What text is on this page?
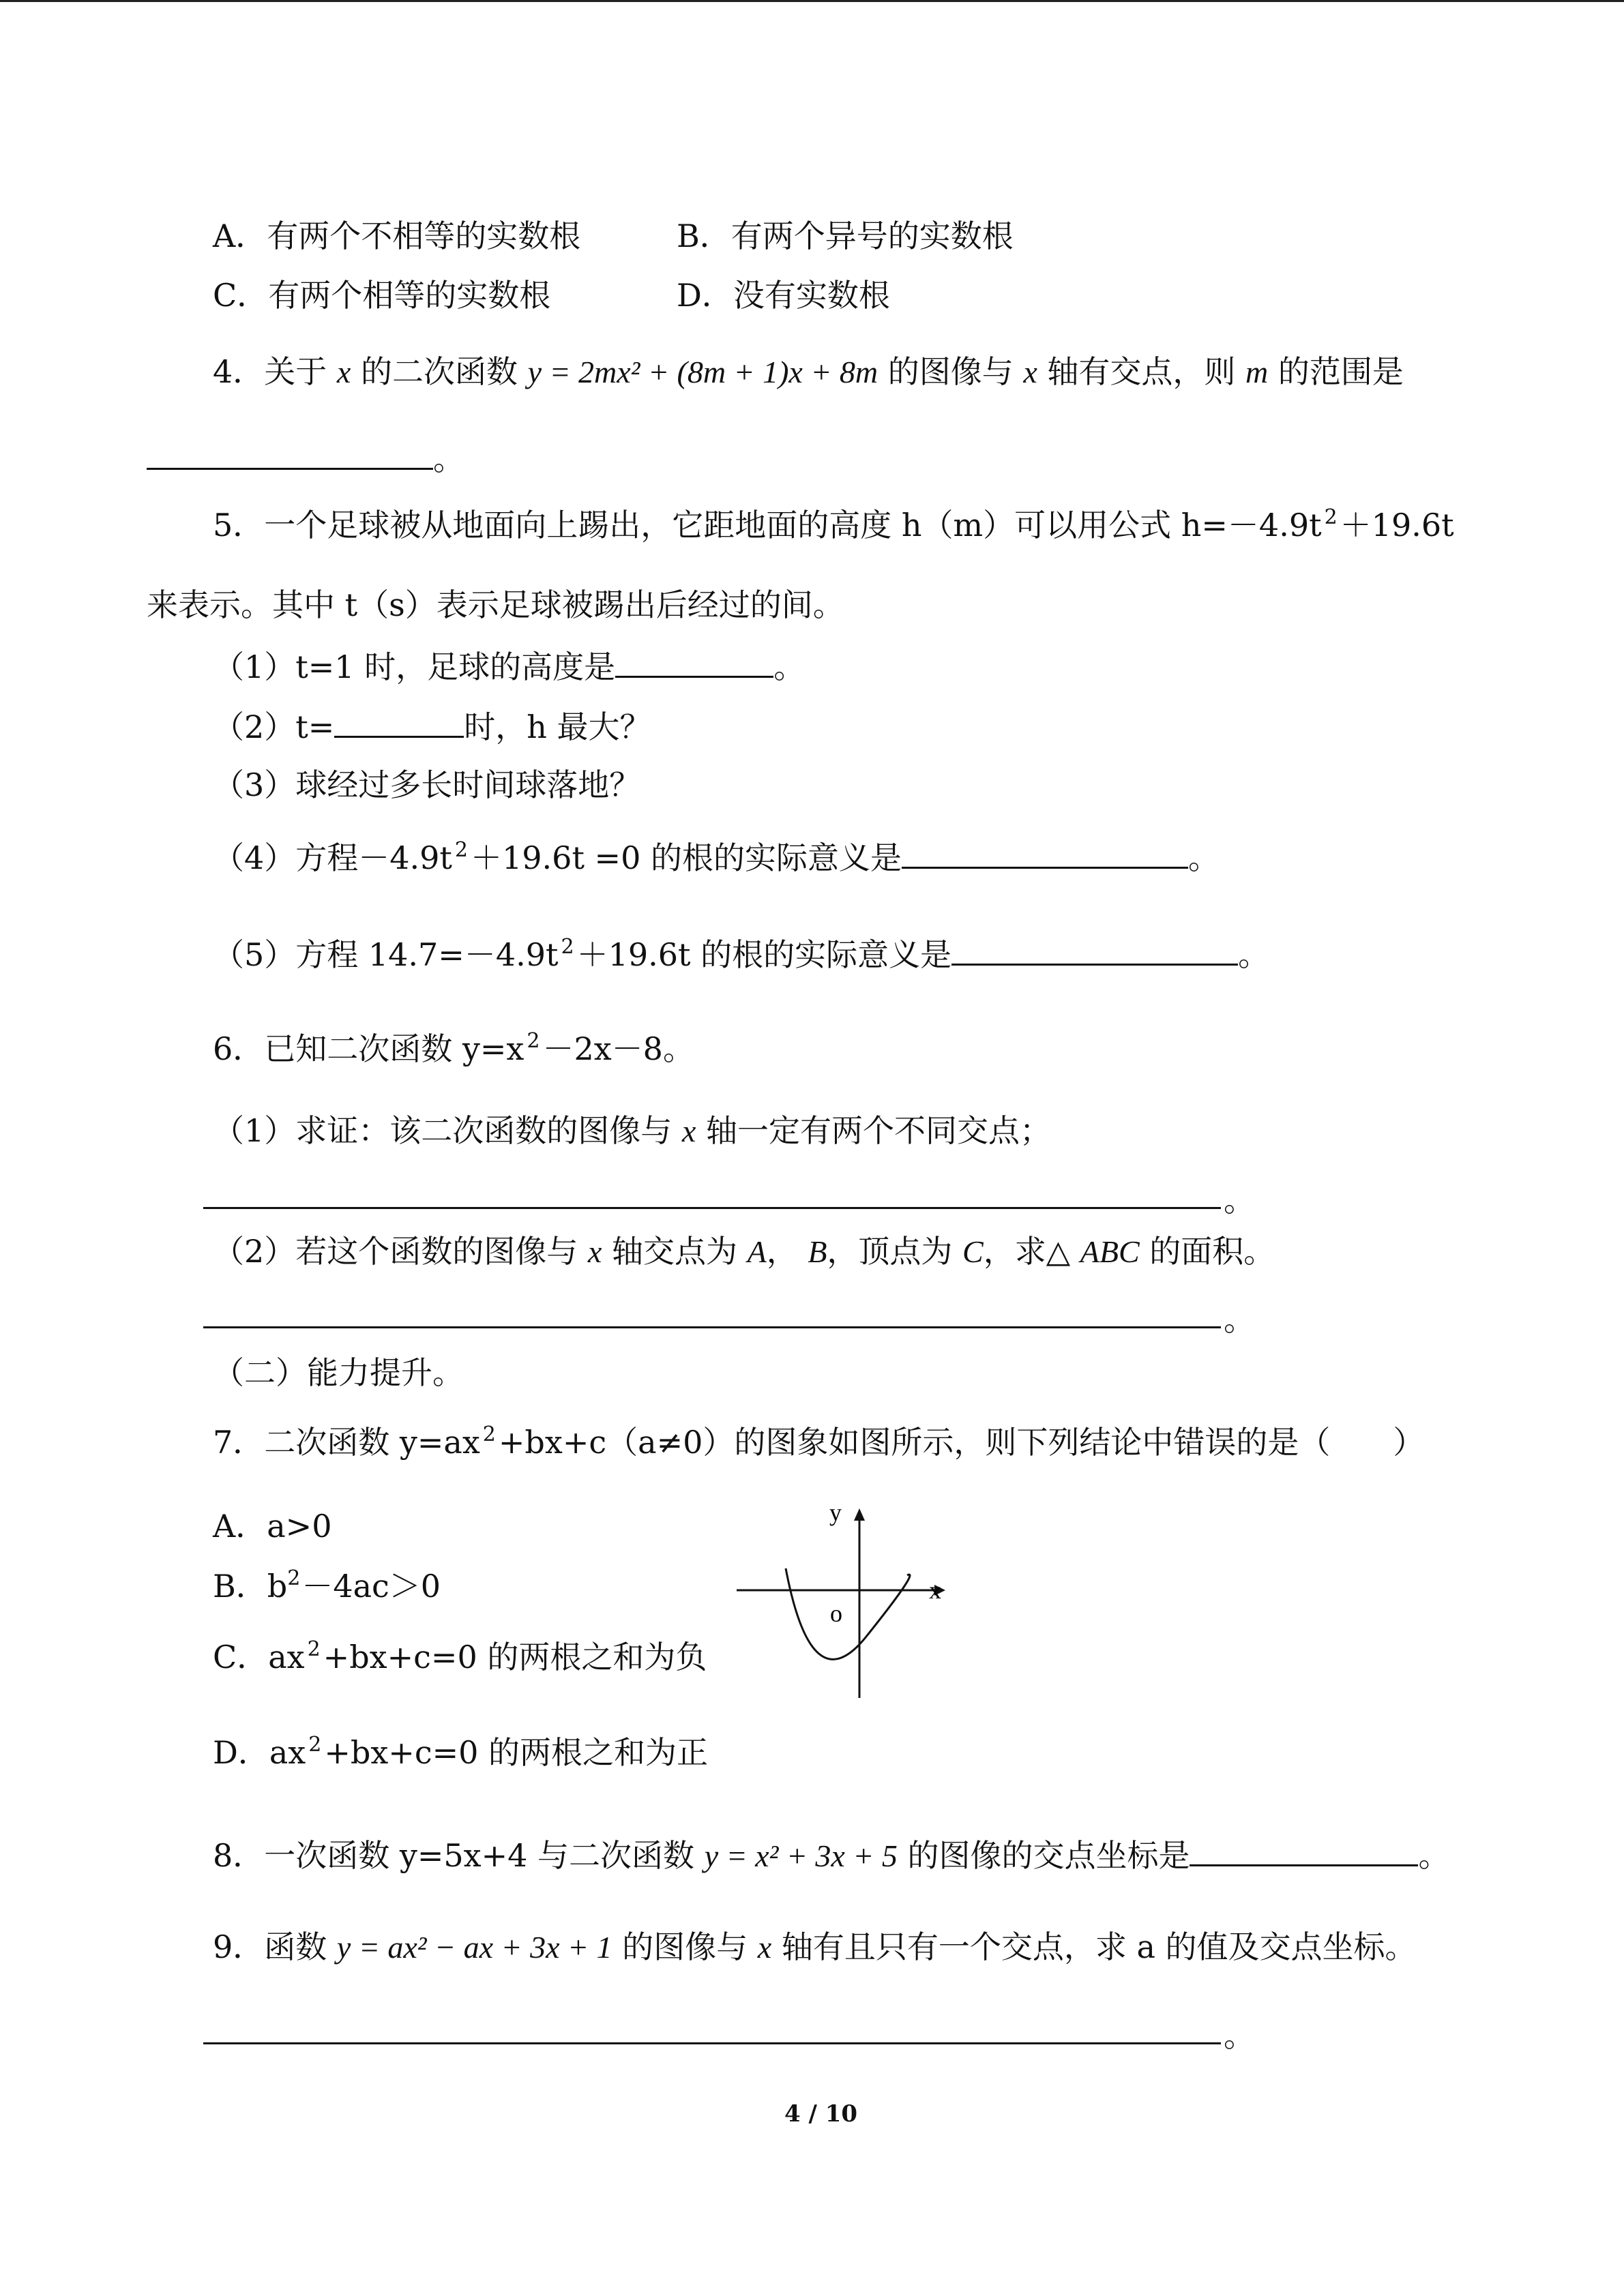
A．有两个不相等的实数根	B．有两个异号的实数根
C．有两个相等的实数根	D．没有实数根
4．关于 x 的二次函数 y = 2mx² + (8m + 1)x + 8m 的图像与 x 轴有交点，则 m 的范围是
。
5．一个足球被从地面向上踢出，它距地面的高度 h（m）可以用公式 h=－4.9t $^2$＋19.6t
来表示。其中 t（s）表示足球被踢出后经过的间。
（1）t=1 时，足球的高度是	。
（2）t=	时，h 最大？
（3）球经过多长时间球落地？
（4）方程－4.9t $^2$＋19.6t =0 的根的实际意义是	。
（5）方程 14.7=－4.9t $^2$＋19.6t 的根的实际意义是	。
6．已知二次函数 y=x $^2$－2x－8。
（1）求证：该二次函数的图像与 x 轴一定有两个不同交点；
。
（2）若这个函数的图像与 x 轴交点为 A， B，顶点为 C，求△ ABC 的面积。
。
（二）能力提升。
7．二次函数 y=ax $^2$+bx+c（a≠0）的图象如图所示，则下列结论中错误的是（　　）
A．a>0
B．$b^2-4ac>0$
C．ax $^2$+bx+c=0 的两根之和为负
D．ax $^2$+bx+c=0 的两根之和为正
y
x
o
8．一次函数 y=5x+4 与二次函数 y = x² + 3x + 5 的图像的交点坐标是	。
9．函数 y = ax² − ax + 3x + 1 的图像与 x 轴有且只有一个交点，求 a 的值及交点坐标。
。
4 / 10
